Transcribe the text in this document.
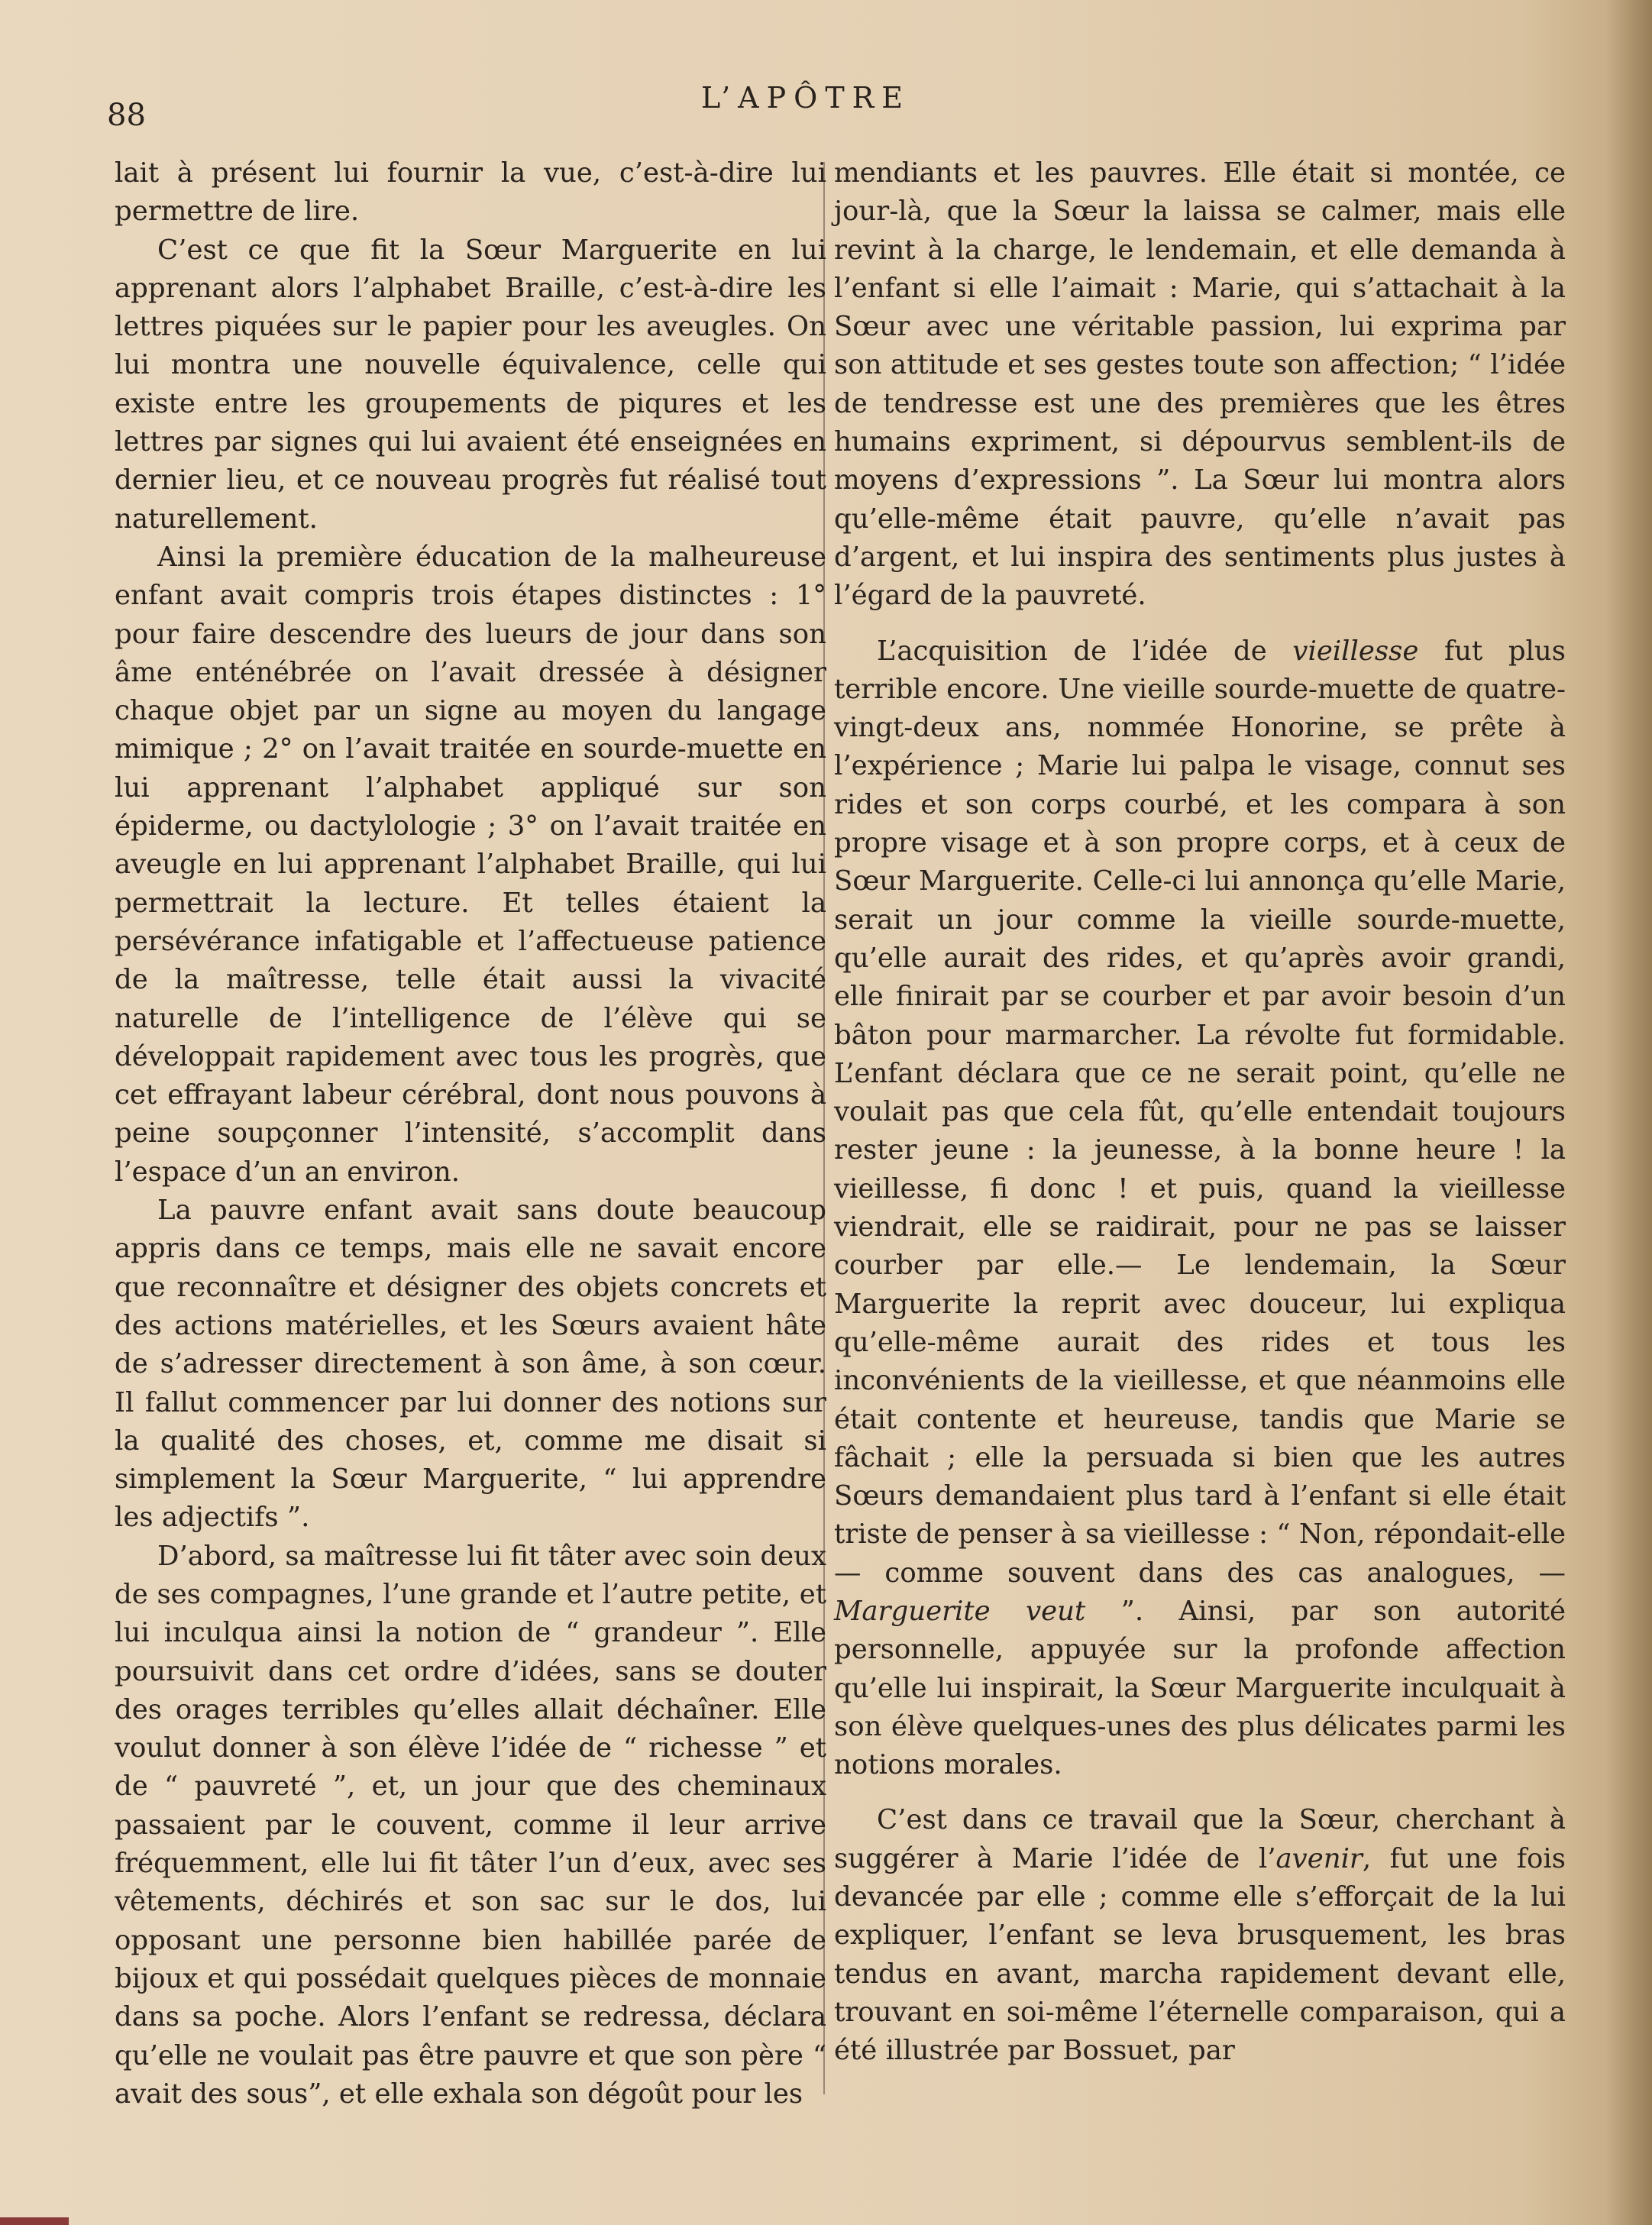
88	L’APÔTRE

lait à présent lui fournir la vue, c’est-à-dire lui permettre de lire.

C’est ce que fit la Sœur Marguerite en lui apprenant alors l’alphabet Braille, c’est-à-dire les lettres piquées sur le papier pour les aveugles. On lui montra une nouvelle équivalence, celle qui existe entre les groupements de piqures et les lettres par signes qui lui avaient été enseignées en dernier lieu, et ce nouveau progrès fut réalisé tout naturellement.

Ainsi la première éducation de la malheureuse enfant avait compris trois étapes distinctes : 1° pour faire descendre des lueurs de jour dans son âme enténébrée on l’avait dressée à désigner chaque objet par un signe au moyen du langage mimique ; 2° on l’avait traitée en sourde-muette en lui apprenant l’alphabet appliqué sur son épiderme, ou dactylologie ; 3° on l’avait traitée en aveugle en lui apprenant l’alphabet Braille, qui lui permettrait la lecture. Et telles étaient la persévérance infatigable et l’affectueuse patience de la maîtresse, telle était aussi la vivacité naturelle de l’intelligence de l’élève qui se développait rapidement avec tous les progrès, que cet effrayant labeur cérébral, dont nous pouvons à peine soupçonner l’intensité, s’accomplit dans l’espace d’un an environ.

La pauvre enfant avait sans doute beaucoup appris dans ce temps, mais elle ne savait encore que reconnaître et désigner des objets concrets et des actions matérielles, et les Sœurs avaient hâte de s’adresser directement à son âme, à son cœur. Il fallut commencer par lui donner des notions sur la qualité des choses, et, comme me disait si simplement la Sœur Marguerite, “ lui apprendre les adjectifs ”.

D’abord, sa maîtresse lui fit tâter avec soin deux de ses compagnes, l’une grande et l’autre petite, et lui inculqua ainsi la notion de “ grandeur ”. Elle poursuivit dans cet ordre d’idées, sans se douter des orages terribles qu’elles allait déchaîner. Elle voulut donner à son élève l’idée de “ richesse ” et de “ pauvreté ”, et, un jour que des cheminaux passaient par le couvent, comme il leur arrive fréquemment, elle lui fit tâter l’un d’eux, avec ses vêtements, déchirés et son sac sur le dos, lui opposant une personne bien habillée parée de bijoux et qui possédait quelques pièces de monnaie dans sa poche. Alors l’enfant se redressa, déclara qu’elle ne voulait pas être pauvre et que son père “ avait des sous”, et elle exhala son dégoût pour les

mendiants et les pauvres. Elle était si montée, ce jour-là, que la Sœur la laissa se calmer, mais elle revint à la charge, le lendemain, et elle demanda à l’enfant si elle l’aimait : Marie, qui s’attachait à la Sœur avec une véritable passion, lui exprima par son attitude et ses gestes toute son affection; “ l’idée de tendresse est une des premières que les êtres humains expriment, si dépourvus semblent-ils de moyens d’expressions ”. La Sœur lui montra alors qu’elle-même était pauvre, qu’elle n’avait pas d’argent, et lui inspira des sentiments plus justes à l’égard de la pauvreté.

L’acquisition de l’idée de vieillesse fut plus terrible encore. Une vieille sourde-muette de quatre-vingt-deux ans, nommée Honorine, se prête à l’expérience ; Marie lui palpa le visage, connut ses rides et son corps courbé, et les compara à son propre visage et à son propre corps, et à ceux de Sœur Marguerite. Celle-ci lui annonça qu’elle Marie, serait un jour comme la vieille sourde-muette, qu’elle aurait des rides, et qu’après avoir grandi, elle finirait par se courber et par avoir besoin d’un bâton pour marmarcher. La révolte fut formidable. L’enfant déclara que ce ne serait point, qu’elle ne voulait pas que cela fût, qu’elle entendait toujours rester jeune : la jeunesse, à la bonne heure ! la vieillesse, fi donc ! et puis, quand la vieillesse viendrait, elle se raidirait, pour ne pas se laisser courber par elle.— Le lendemain, la Sœur Marguerite la reprit avec douceur, lui expliqua qu’elle-même aurait des rides et tous les inconvénients de la vieillesse, et que néanmoins elle était contente et heureuse, tandis que Marie se fâchait ; elle la persuada si bien que les autres Sœurs demandaient plus tard à l’enfant si elle était triste de penser à sa vieillesse : “ Non, répondait-elle — comme souvent dans des cas analogues, — Marguerite veut ”. Ainsi, par son autorité personnelle, appuyée sur la profonde affection qu’elle lui inspirait, la Sœur Marguerite inculquait à son élève quelques-unes des plus délicates parmi les notions morales.

C’est dans ce travail que la Sœur, cherchant à suggérer à Marie l’idée de l’avenir, fut une fois devancée par elle ; comme elle s’efforçait de la lui expliquer, l’enfant se leva brusquement, les bras tendus en avant, marcha rapidement devant elle, trouvant en soi-même l’éternelle comparaison, qui a été illustrée par Bossuet, par
